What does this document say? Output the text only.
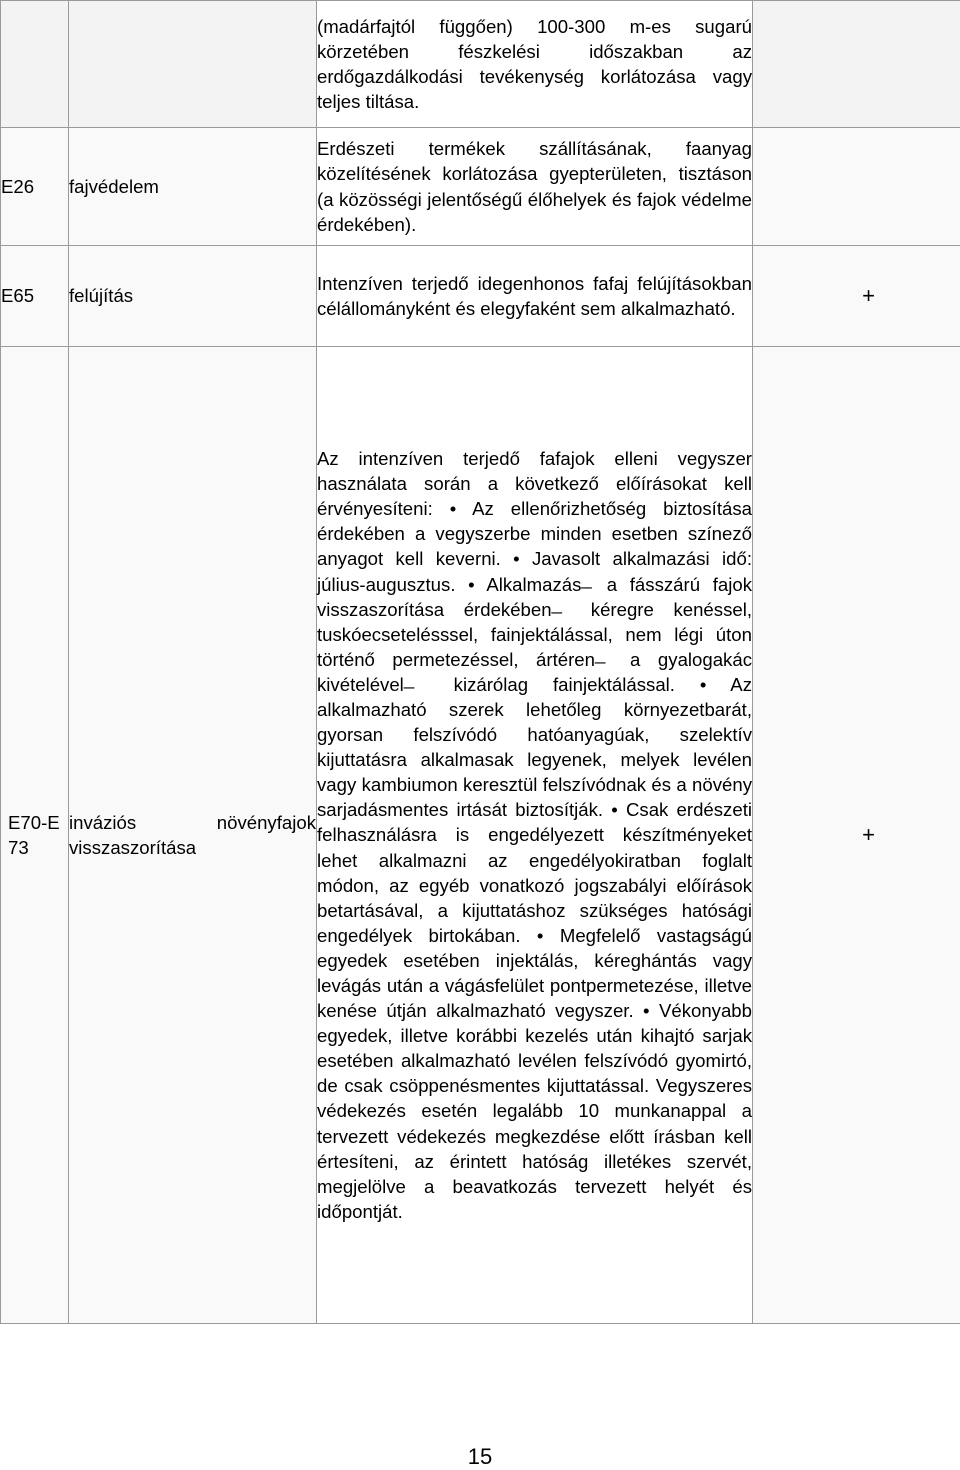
		(madárfajtól függően) 100-300 m-es sugarú körzetében fészkelési időszakban az erdőgazdálkodási tevékenység korlátozása vagy teljes tiltása.	
E26	fajvédelem	Erdészeti termékek szállításának, faanyag közelítésének korlátozása gyepterületen, tisztáson (a közösségi jelentőségű élőhelyek és fajok védelme érdekében).	
E65	felújítás	Intenzíven terjedő idegenhonos fafaj felújításokban célállományként és elegyfaként sem alkalmazható.	+
E70-E73	inváziós növényfajok visszaszorítása	Az intenzíven terjedő fafajok elleni vegyszer használata során a következő előírásokat kell érvényesíteni: • Az ellenőrizhetőség biztosítása érdekében a vegyszerbe minden esetben színező anyagot kell keverni. • Javasolt alkalmazási idő: július-augusztus. • Alkalmazás ̶ a fásszárú fajok visszaszorítása érdekében ̶ kéregre kenéssel, tuskóecsetelésssel, fainjektálással, nem légi úton történő permetezéssel, ártéren ̶ a gyalogakác kivételével ̶ kizárólag fainjektálással. • Az alkalmazható szerek lehetőleg környezetbarát, gyorsan felszívódó hatóanyagúak, szelektív kijuttatásra alkalmasak legyenek, melyek levélen vagy kambiumon keresztül felszívódnak és a növény sarjadásmentes irtását biztosítják. • Csak erdészeti felhasználásra is engedélyezett készítményeket lehet alkalmazni az engedélyokiratban foglalt módon, az egyéb vonatkozó jogszabályi előírások betartásával, a kijuttatáshoz szükséges hatósági engedélyek birtokában. • Megfelelő vastagságú egyedek esetében injektálás, kéreghántás vagy levágás után a vágásfelület pontpermetezése, illetve kenése útján alkalmazható vegyszer. • Vékonyabb egyedek, illetve korábbi kezelés után kihajtó sarjak esetében alkalmazható levélen felszívódó gyomirtó, de csak csöppenésmentes kijuttatással. Vegyszeres védekezés esetén legalább 10 munkanappal a tervezett védekezés megkezdése előtt írásban kell értesíteni, az érintett hatóság illetékes szervét, megjelölve a beavatkozás tervezett helyét és időpontját.	+
15
